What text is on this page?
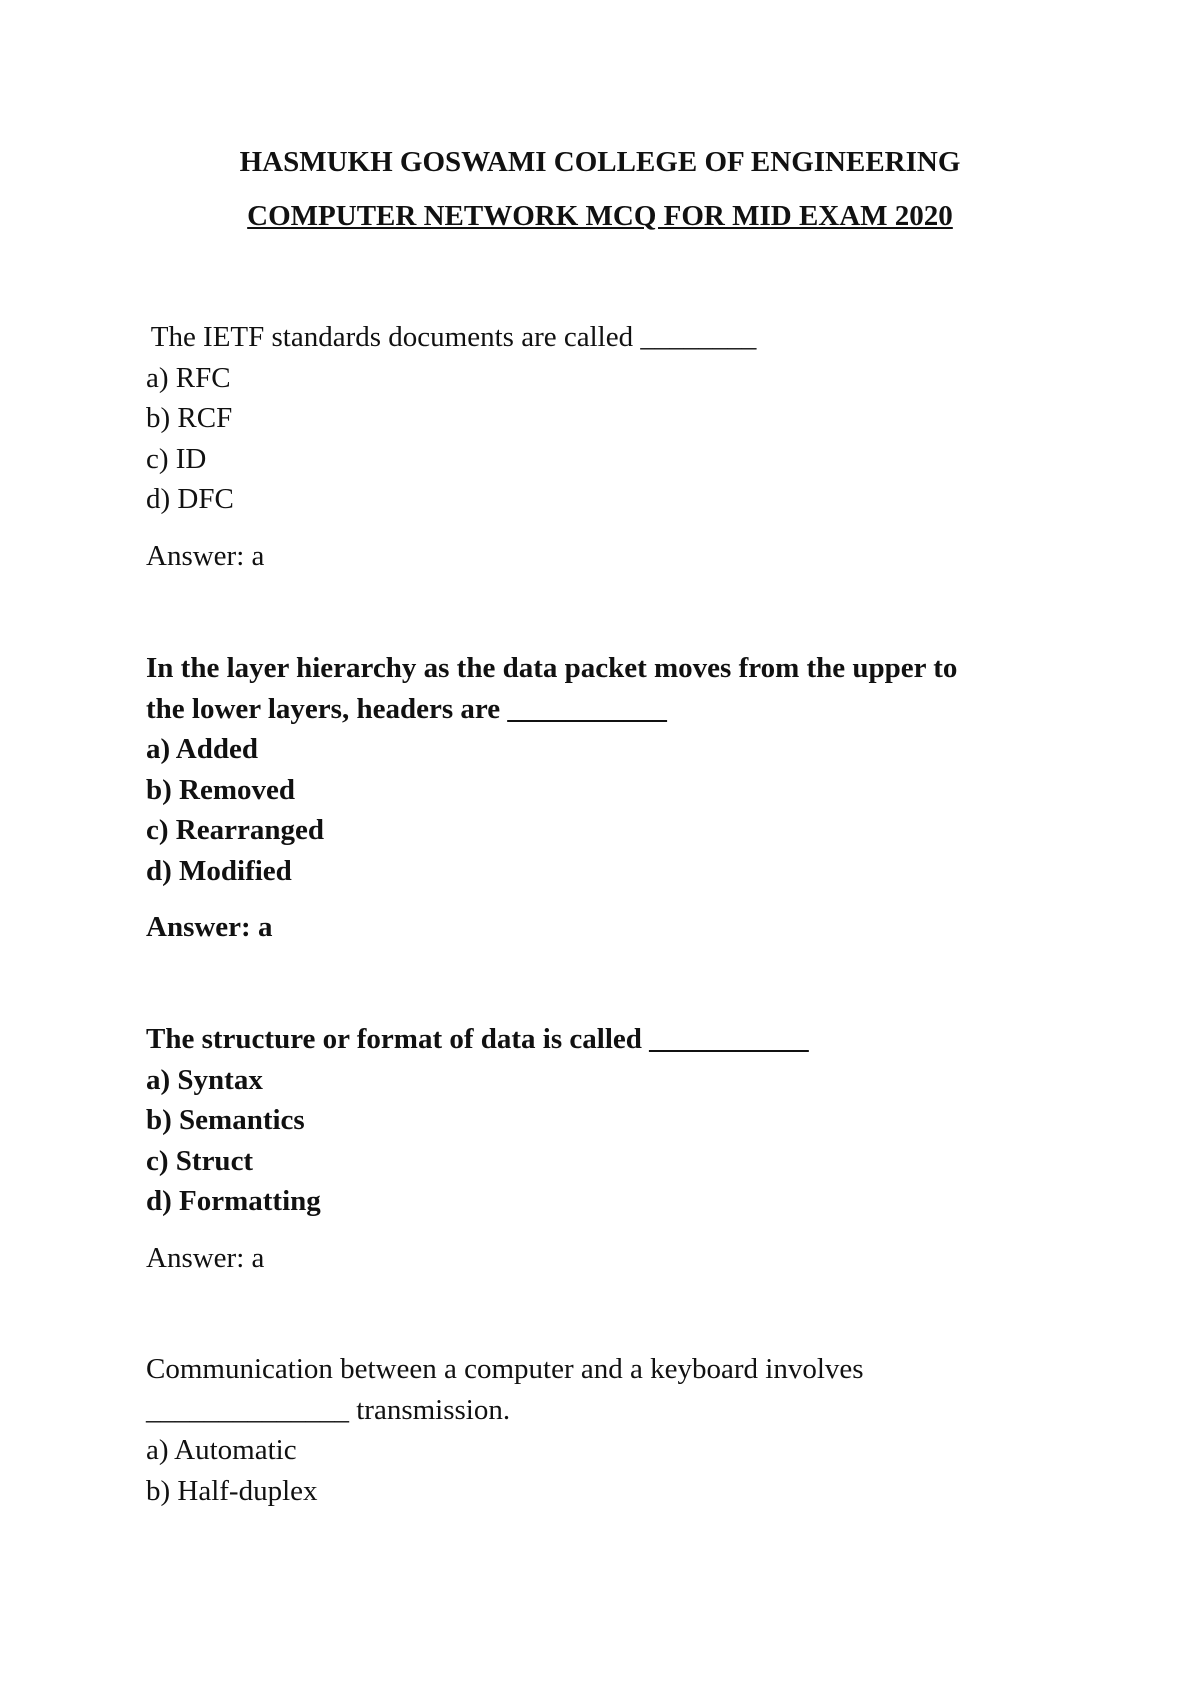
HASMUKH GOSWAMI COLLEGE OF ENGINEERING
COMPUTER NETWORK MCQ FOR MID EXAM 2020
The IETF standards documents are called ________
a) RFC
b) RCF
c) ID
d) DFC
Answer: a
In the layer hierarchy as the data packet moves from the upper to
the lower layers, headers are ___________
a) Added
b) Removed
c) Rearranged
d) Modified
Answer: a
The structure or format of data is called ___________
a) Syntax
b) Semantics
c) Struct
d) Formatting
Answer: a
Communication between a computer and a keyboard involves
______________ transmission.
a) Automatic
b) Half-duplex
